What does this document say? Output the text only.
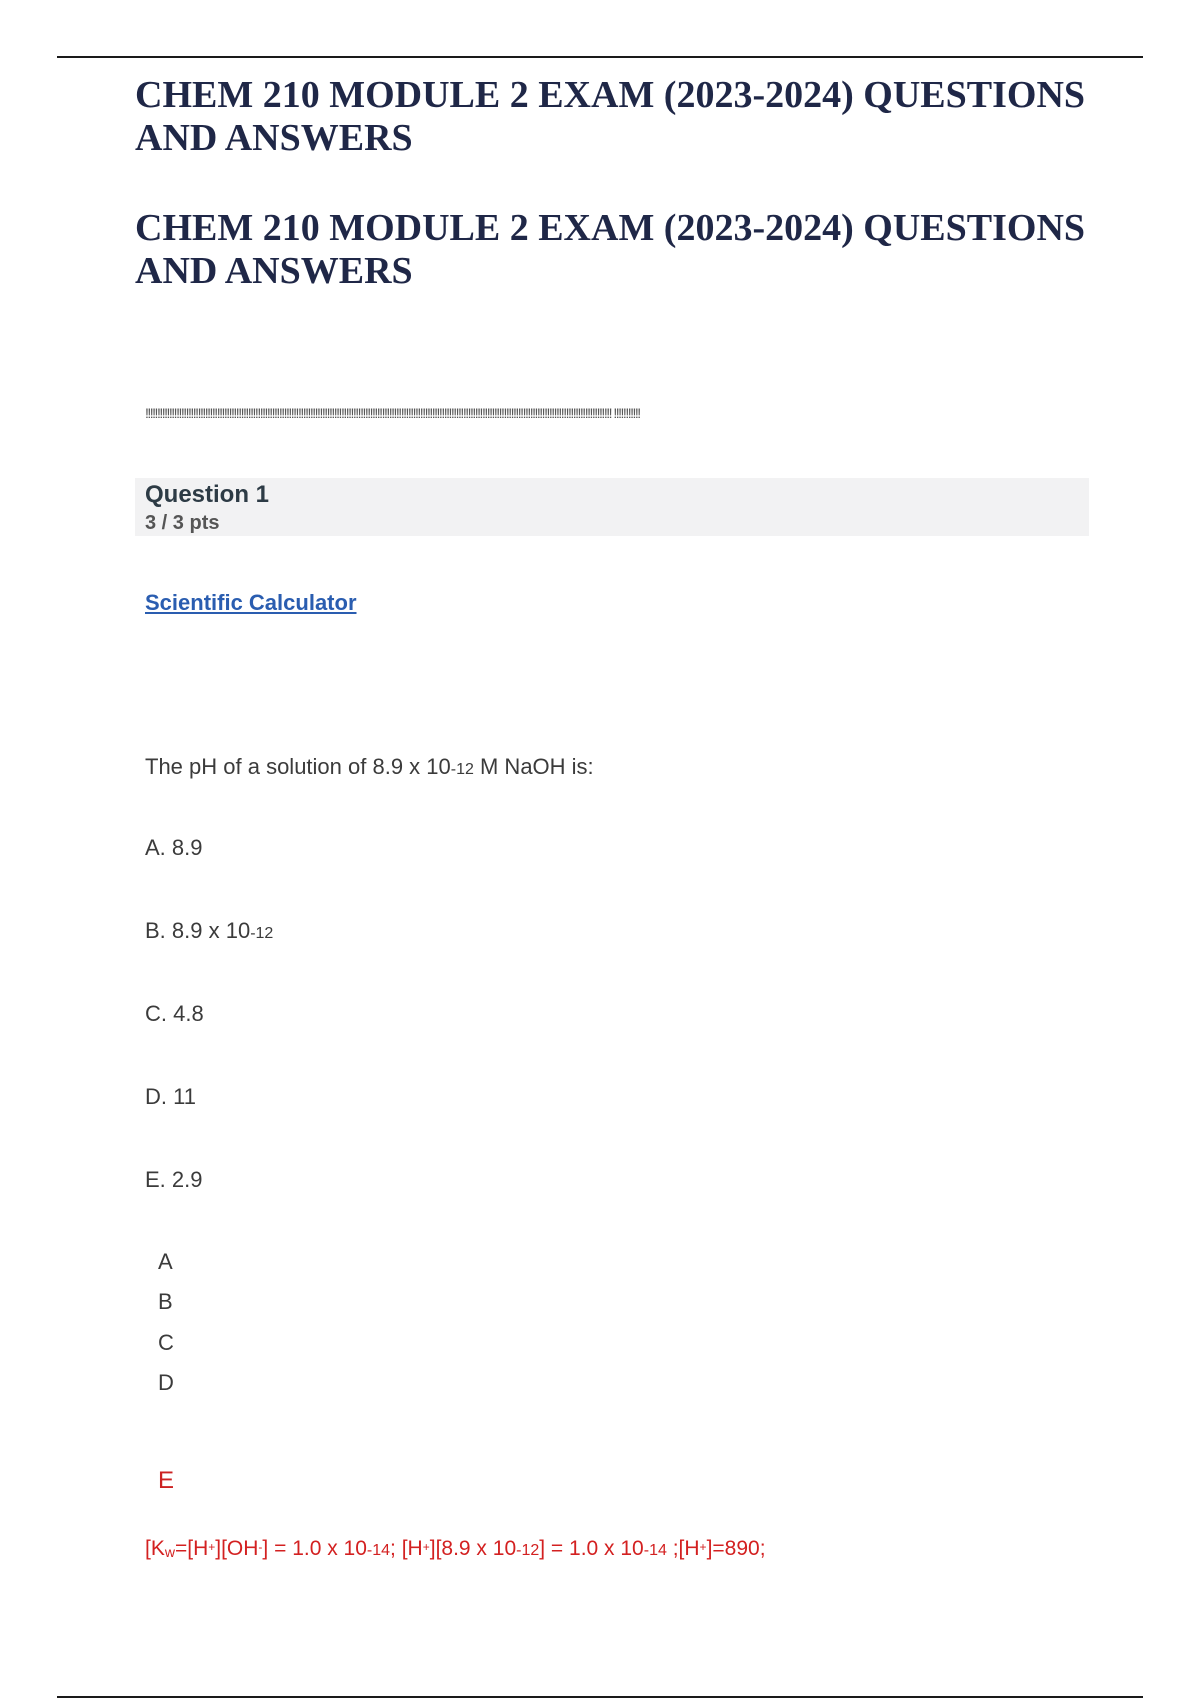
CHEM 210 MODULE 2 EXAM (2023-2024) QUESTIONS AND ANSWERS
CHEM 210 MODULE 2 EXAM (2023-2024) QUESTIONS AND ANSWERS
!!!!!!!!!!!!!!!!!!!!!!!!!!!!!!!!!!!!!!!!!!!!!!!!!!!!!!!!!!!!!!!!!!!!!!!!!!!!!!!!!!!!!!!!!!!!!!!!!!!!!!!!!!!!!!!!!!!!!!!!!!!!!!!!!!!!!!!!!!!!!!!!!!!!!!!!!!!!!!!!!!!!!!!!!!!!!!!!!!!!!!!!!!!!!!!!!!! !!!!!!!!!!!
Question 1
3 / 3 pts
Scientific Calculator
The pH of a solution of 8.9 x 10-12 M NaOH is:
A. 8.9
B. 8.9 x 10-12
C. 4.8
D. 11
E. 2.9
A
B
C
D
E
[Kw=[H+][OH-] = 1.0 x 10-14; [H+][8.9 x 10-12] = 1.0 x 10-14 ;[H+]=890;
